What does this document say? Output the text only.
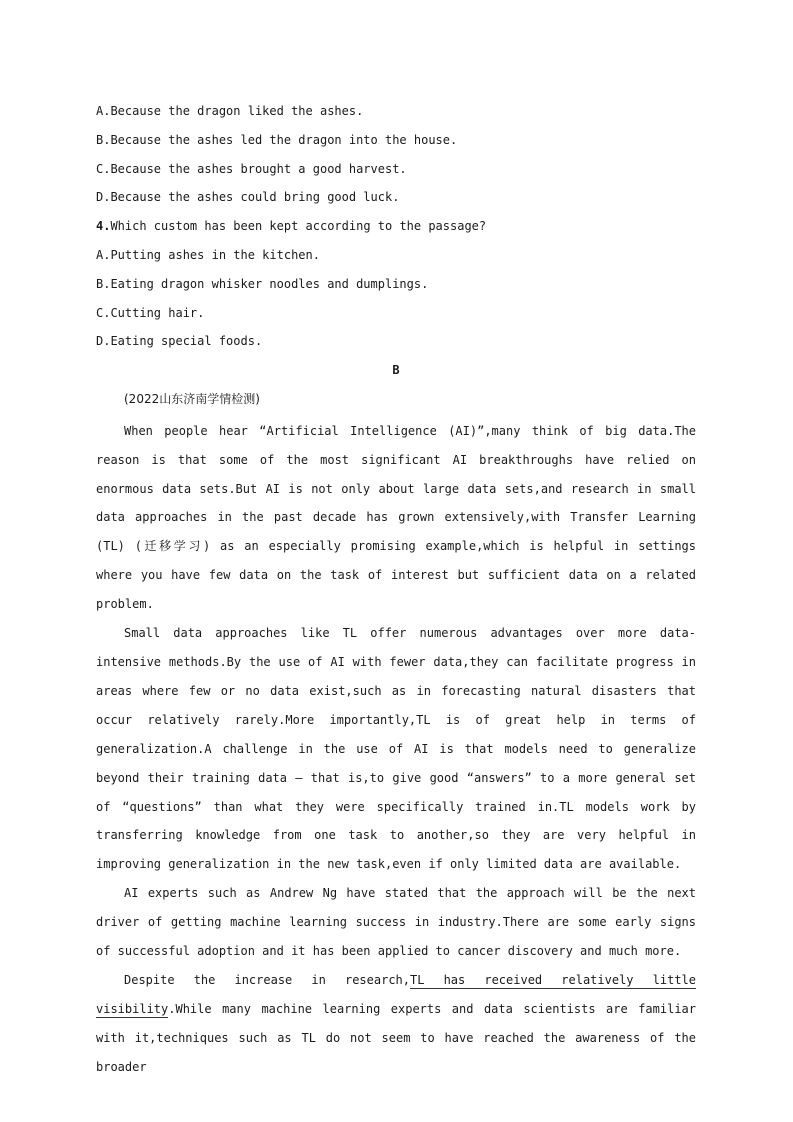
A.Because the dragon liked the ashes.
B.Because the ashes led the dragon into the house.
C.Because the ashes brought a good harvest.
D.Because the ashes could bring good luck.
4.Which custom has been kept according to the passage?
A.Putting ashes in the kitchen.
B.Eating dragon whisker noodles and dumplings.
C.Cutting hair.
D.Eating special foods.
B
(2022山东济南学情检测)

When people hear “Artificial Intelligence (AI)”,many think of big data.The reason is that some of the most significant AI breakthroughs have relied on enormous data sets.But AI is not only about large data sets,and research in small data approaches in the past decade has grown extensively,with Transfer Learning (TL) (迁移学习) as an especially promising example,which is helpful in settings where you have few data on the task of interest but sufficient data on a related problem.

Small data approaches like TL offer numerous advantages over more data-intensive methods.By the use of AI with fewer data,they can facilitate progress in areas where few or no data exist,such as in forecasting natural disasters that occur relatively rarely.More importantly,TL is of great help in terms of generalization.A challenge in the use of AI is that models need to generalize beyond their training data — that is,to give good “answers” to a more general set of “questions” than what they were specifically trained in.TL models work by transferring knowledge from one task to another,so they are very helpful in improving generalization in the new task,even if only limited data are available.

AI experts such as Andrew Ng have stated that the approach will be the next driver of getting machine learning success in industry.There are some early signs of successful adoption and it has been applied to cancer discovery and much more.

Despite the increase in research,TL has received relatively little visibility.While many machine learning experts and data scientists are familiar with it,techniques such as TL do not seem to have reached the awareness of the broader
